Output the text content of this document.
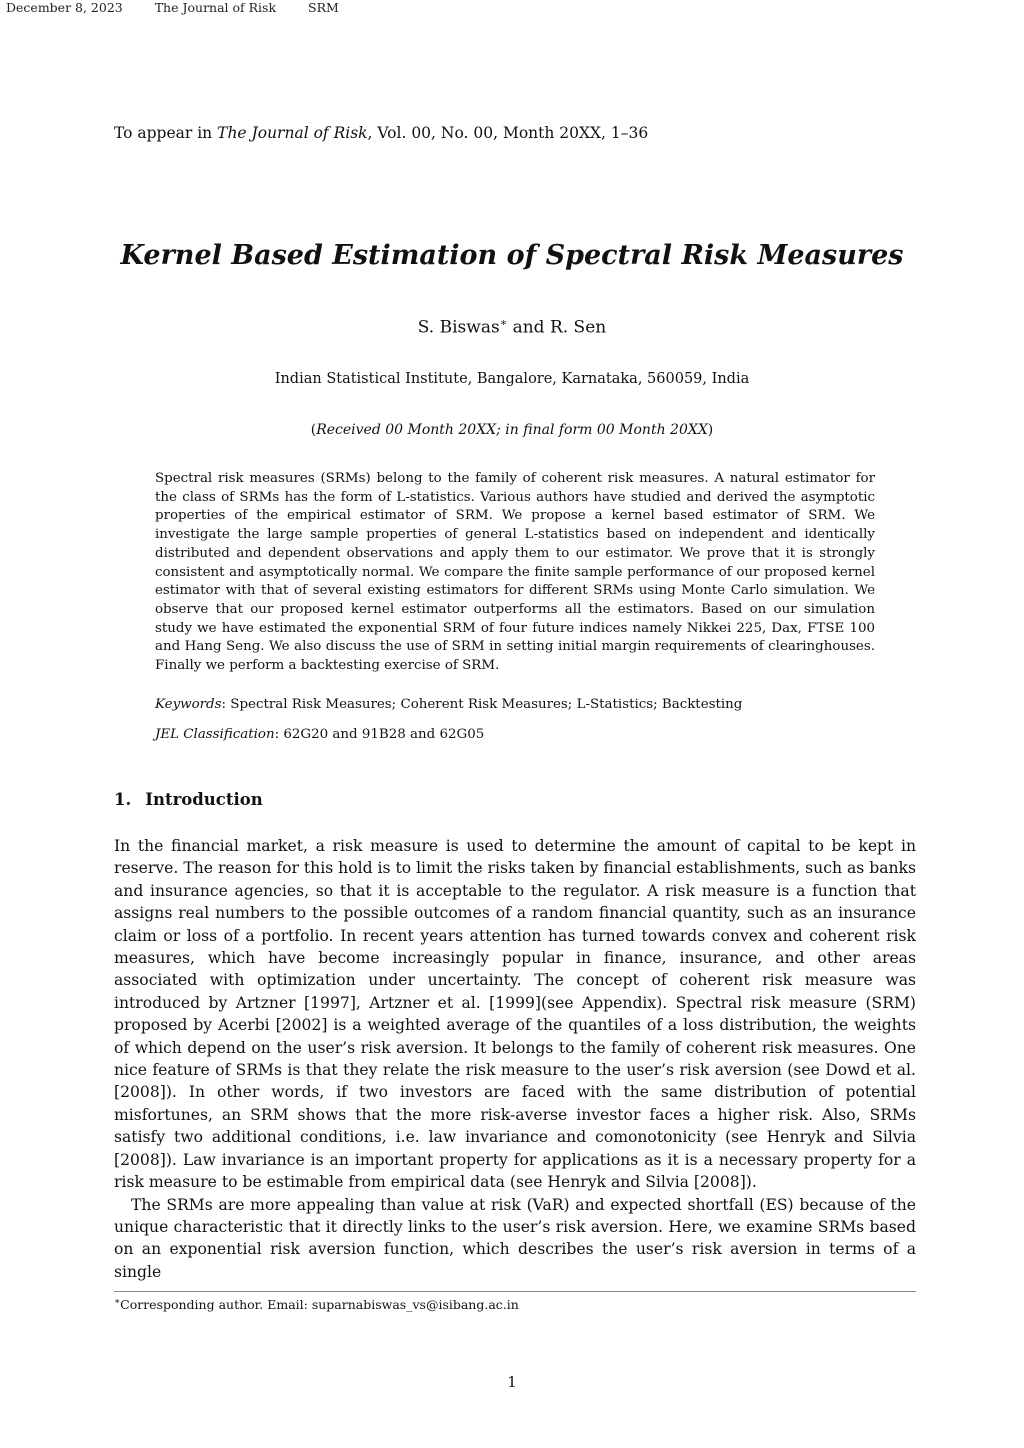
December 8, 2023	The Journal of Risk	SRM
To appear in The Journal of Risk, Vol. 00, No. 00, Month 20XX, 1–36
Kernel Based Estimation of Spectral Risk Measures
S. Biswas∗ and R. Sen
Indian Statistical Institute, Bangalore, Karnataka, 560059, India
(Received 00 Month 20XX; in final form 00 Month 20XX)
Spectral risk measures (SRMs) belong to the family of coherent risk measures. A natural estimator for the class of SRMs has the form of L-statistics. Various authors have studied and derived the asymptotic properties of the empirical estimator of SRM. We propose a kernel based estimator of SRM. We investigate the large sample properties of general L-statistics based on independent and identically distributed and dependent observations and apply them to our estimator. We prove that it is strongly consistent and asymptotically normal. We compare the finite sample performance of our proposed kernel estimator with that of several existing estimators for different SRMs using Monte Carlo simulation. We observe that our proposed kernel estimator outperforms all the estimators. Based on our simulation study we have estimated the exponential SRM of four future indices namely Nikkei 225, Dax, FTSE 100 and Hang Seng. We also discuss the use of SRM in setting initial margin requirements of clearinghouses. Finally we perform a backtesting exercise of SRM.
Keywords: Spectral Risk Measures; Coherent Risk Measures; L-Statistics; Backtesting
JEL Classification: 62G20 and 91B28 and 62G05
1. Introduction

In the financial market, a risk measure is used to determine the amount of capital to be kept in reserve. The reason for this hold is to limit the risks taken by financial establishments, such as banks and insurance agencies, so that it is acceptable to the regulator. A risk measure is a function that assigns real numbers to the possible outcomes of a random financial quantity, such as an insurance claim or loss of a portfolio. In recent years attention has turned towards convex and coherent risk measures, which have become increasingly popular in finance, insurance, and other areas associated with optimization under uncertainty. The concept of coherent risk measure was introduced by Artzner [1997], Artzner et al. [1999](see Appendix). Spectral risk measure (SRM) proposed by Acerbi [2002] is a weighted average of the quantiles of a loss distribution, the weights of which depend on the user’s risk aversion. It belongs to the family of coherent risk measures. One nice feature of SRMs is that they relate the risk measure to the user’s risk aversion (see Dowd et al. [2008]). In other words, if two investors are faced with the same distribution of potential misfortunes, an SRM shows that the more risk-averse investor faces a higher risk. Also, SRMs satisfy two additional conditions, i.e. law invariance and comonotonicity (see Henryk and Silvia [2008]). Law invariance is an important property for applications as it is a necessary property for a risk measure to be estimable from empirical data (see Henryk and Silvia [2008]).

The SRMs are more appealing than value at risk (VaR) and expected shortfall (ES) because of the unique characteristic that it directly links to the user’s risk aversion. Here, we examine SRMs based on an exponential risk aversion function, which describes the user’s risk aversion in terms of a single

∗Corresponding author. Email: suparnabiswas_vs@isibang.ac.in
1
